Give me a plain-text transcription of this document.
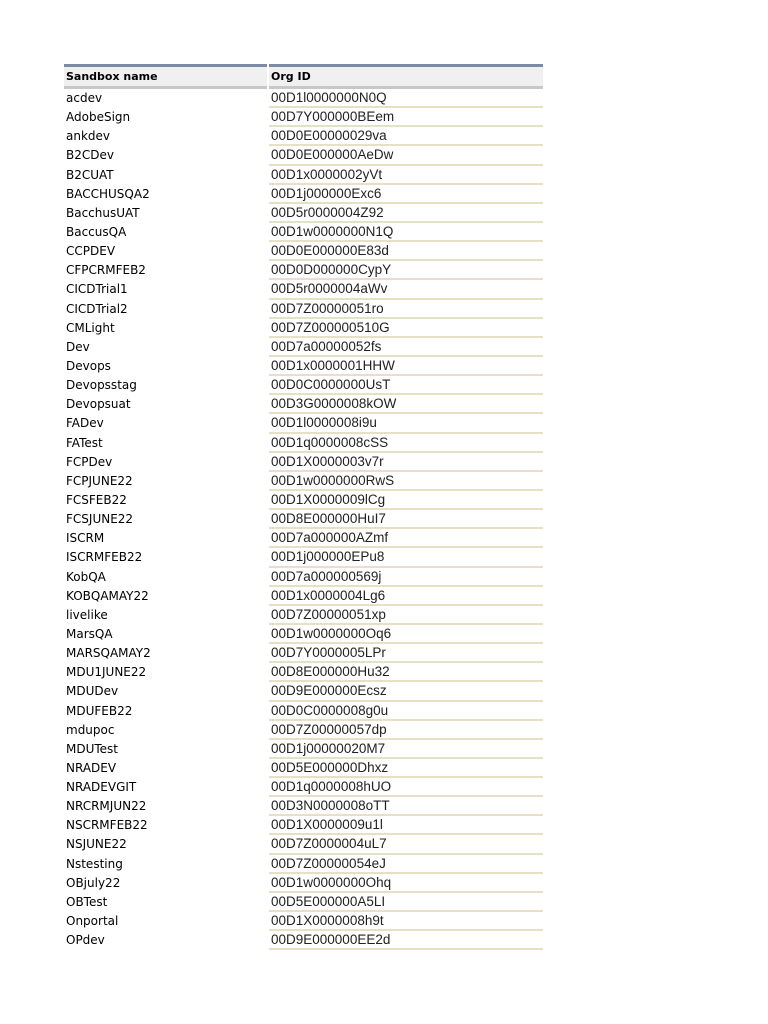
Sandbox name	Org ID
acdev	00D1l0000000N0Q
AdobeSign	00D7Y000000BEem
ankdev	00D0E00000029va
B2CDev	00D0E000000AeDw
B2CUAT	00D1x0000002yVt
BACCHUSQA2	00D1j000000Exc6
BacchusUAT	00D5r0000004Z92
BaccusQA	00D1w0000000N1Q
CCPDEV	00D0E000000E83d
CFPCRMFEB2	00D0D000000CypY
CICDTrial1	00D5r0000004aWv
CICDTrial2	00D7Z00000051ro
CMLight	00D7Z000000510G
Dev	00D7a00000052fs
Devops	00D1x0000001HHW
Devopsstag	00D0C0000000UsT
Devopsuat	00D3G0000008kOW
FADev	00D1l0000008i9u
FATest	00D1q0000008cSS
FCPDev	00D1X0000003v7r
FCPJUNE22	00D1w0000000RwS
FCSFEB22	00D1X0000009lCg
FCSJUNE22	00D8E000000HuI7
ISCRM	00D7a000000AZmf
ISCRMFEB22	00D1j000000EPu8
KobQA	00D7a000000569j
KOBQAMAY22	00D1x0000004Lg6
livelike	00D7Z00000051xp
MarsQA	00D1w0000000Oq6
MARSQAMAY2	00D7Y0000005LPr
MDU1JUNE22	00D8E000000Hu32
MDUDev	00D9E000000Ecsz
MDUFEB22	00D0C0000008g0u
mdupoc	00D7Z00000057dp
MDUTest	00D1j00000020M7
NRADEV	00D5E000000Dhxz
NRADEVGIT	00D1q0000008hUO
NRCRMJUN22	00D3N0000008oTT
NSCRMFEB22	00D1X0000009u1l
NSJUNE22	00D7Z0000004uL7
Nstesting	00D7Z00000054eJ
OBjuly22	00D1w0000000Ohq
OBTest	00D5E000000A5LI
Onportal	00D1X0000008h9t
OPdev	00D9E000000EE2d
